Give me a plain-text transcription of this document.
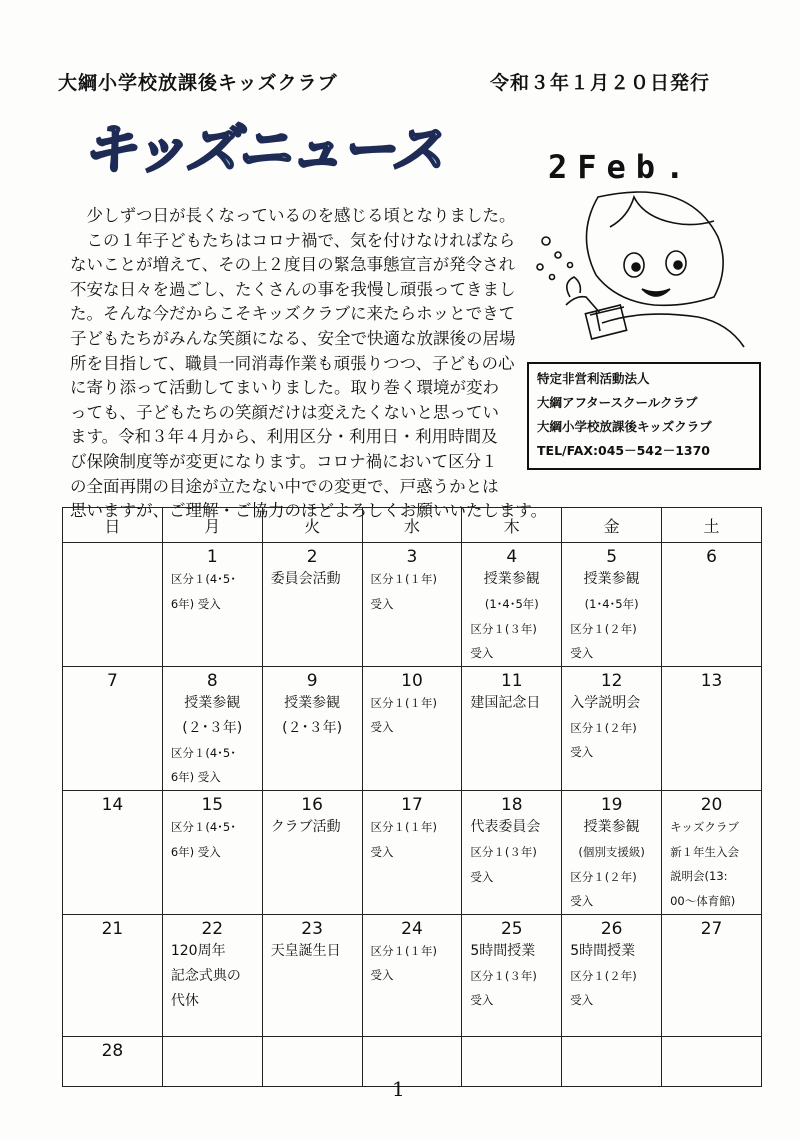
大綱小学校放課後キッズクラブ	令和３年１月２０日発行
キッズニュース	2Feb.
少しずつ日が長くなっているのを感じる頃となりました。
この１年子どもたちはコロナ禍で、気を付けなければなら
ないことが増えて、その上２度目の緊急事態宣言が発令され
不安な日々を過ごし、たくさんの事を我慢し頑張ってきまし
た。そんな今だからこそキッズクラブに来たらホッとできて
子どもたちがみんな笑顔になる、安全で快適な放課後の居場
所を目指して、職員一同消毒作業も頑張りつつ、子どもの心
に寄り添って活動してまいりました。取り巻く環境が変わ
っても、子どもたちの笑顔だけは変えたくないと思ってい
ます。令和３年４月から、利用区分・利用日・利用時間及
び保険制度等が変更になります。コロナ禍において区分１
の全面再開の目途が立たない中での変更で、戸惑うかとは
思いますが、ご理解・ご協力のほどよろしくお願いいたします。
特定非営利活動法人
大綱アフタースクールクラブ
大綱小学校放課後キッズクラブ
TEL/FAX:045－542－1370
日	月	火	水	木	金	土

	1
区分１(4･5･
6年) 受入	2
委員会活動	3
区分１(１年)
受入	4
授業参観
(1･4･5年)
区分１(３年)
受入	5
授業参観
(1･4･5年)
区分１(２年)
受入	6

7	8
授業参観
(２･３年)
区分１(4･5･
6年) 受入	9
授業参観
(２･３年)	10
区分１(１年)
受入	11
建国記念日	12
入学説明会
区分１(２年)
受入	13

14	15
区分１(4･5･
6年) 受入	16
クラブ活動	17
区分１(１年)
受入	18
代表委員会
区分１(３年)
受入	19
授業参観
(個別支援級)
区分１(２年)
受入	20
キッズクラブ
新１年生入会
説明会(13:
00～体育館)

21	22
120周年
記念式典の
代休	23
天皇誕生日	24
区分１(１年)
受入	25
5時間授業
区分１(３年)
受入	26
5時間授業
区分１(２年)
受入	27

28						

1
